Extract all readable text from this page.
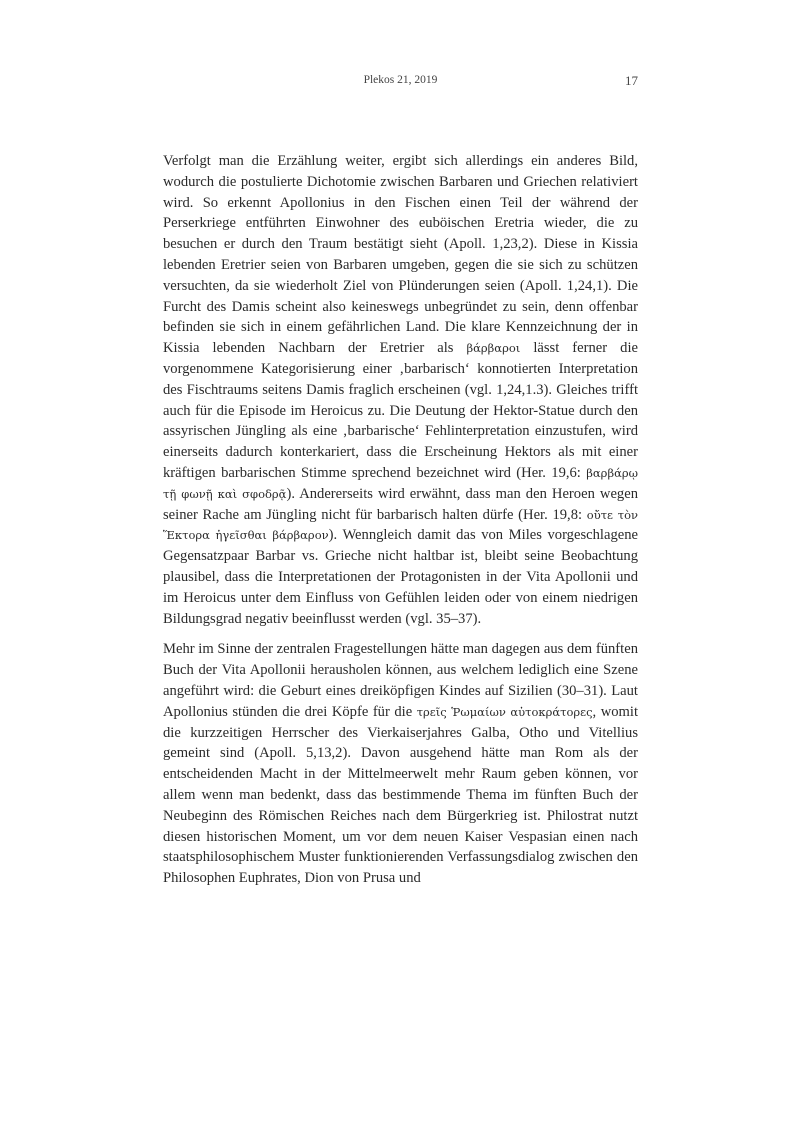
Plekos 21, 2019	17

Verfolgt man die Erzählung weiter, ergibt sich allerdings ein anderes Bild, wodurch die postulierte Dichotomie zwischen Barbaren und Griechen relativiert wird. So erkennt Apollonius in den Fischen einen Teil der während der Perserkriege entführten Einwohner des euböischen Eretria wieder, die zu besuchen er durch den Traum bestätigt sieht (Apoll. 1,23,2). Diese in Kissia lebenden Eretrier seien von Barbaren umgeben, gegen die sie sich zu schützen versuchten, da sie wiederholt Ziel von Plünderungen seien (Apoll. 1,24,1). Die Furcht des Damis scheint also keineswegs unbegründet zu sein, denn offenbar befinden sie sich in einem gefährlichen Land. Die klare Kennzeichnung der in Kissia lebenden Nachbarn der Eretrier als βάρβαροι lässt ferner die vorgenommene Kategorisierung einer ‚barbarisch‘ konnotierten Interpretation des Fischtraums seitens Damis fraglich erscheinen (vgl. 1,24,1.3). Gleiches trifft auch für die Episode im Heroicus zu. Die Deutung der Hektor-Statue durch den assyrischen Jüngling als eine ‚barbarische‘ Fehlinterpretation einzustufen, wird einerseits dadurch konterkariert, dass die Erscheinung Hektors als mit einer kräftigen barbarischen Stimme sprechend bezeichnet wird (Her. 19,6: βαρβάρῳ τῇ φωνῇ καὶ σφοδρᾷ). Andererseits wird erwähnt, dass man den Heroen wegen seiner Rache am Jüngling nicht für barbarisch halten dürfe (Her. 19,8: οὔτε τὸν Ἕκτορα ἡγεῖσθαι βάρβαρον). Wenngleich damit das von Miles vorgeschlagene Gegensatzpaar Barbar vs. Grieche nicht haltbar ist, bleibt seine Beobachtung plausibel, dass die Interpretationen der Protagonisten in der Vita Apollonii und im Heroicus unter dem Einfluss von Gefühlen leiden oder von einem niedrigen Bildungsgrad negativ beeinflusst werden (vgl. 35–37).

Mehr im Sinne der zentralen Fragestellungen hätte man dagegen aus dem fünften Buch der Vita Apollonii herausholen können, aus welchem lediglich eine Szene angeführt wird: die Geburt eines dreiköpfigen Kindes auf Sizilien (30–31). Laut Apollonius stünden die drei Köpfe für die τρεῖς Ῥωμαίων αὐτοκράτορες, womit die kurzzeitigen Herrscher des Vierkaiserjahres Galba, Otho und Vitellius gemeint sind (Apoll. 5,13,2). Davon ausgehend hätte man Rom als der entscheidenden Macht in der Mittelmeerwelt mehr Raum geben können, vor allem wenn man bedenkt, dass das bestimmende Thema im fünften Buch der Neubeginn des Römischen Reiches nach dem Bürgerkrieg ist. Philostrat nutzt diesen historischen Moment, um vor dem neuen Kaiser Vespasian einen nach staatsphilosophischem Muster funktionierenden Verfassungsdialog zwischen den Philosophen Euphrates, Dion von Prusa und
